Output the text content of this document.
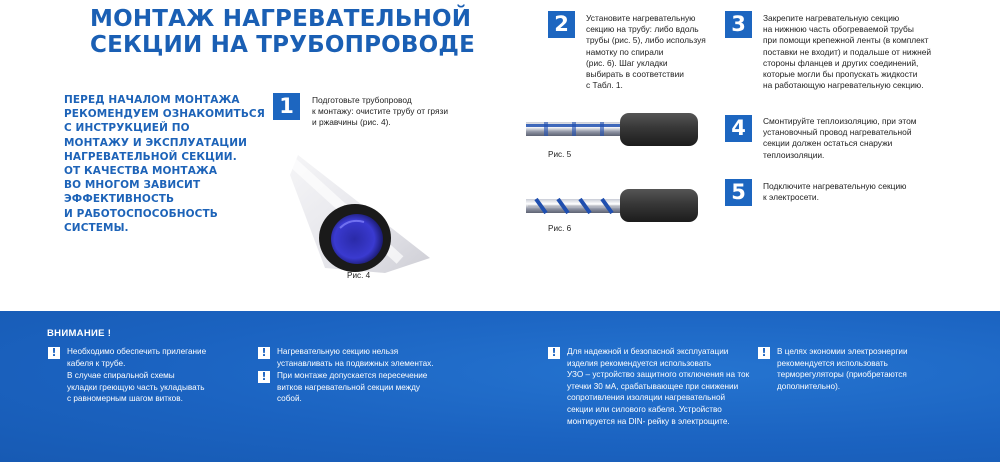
МОНТАЖ НАГРЕВАТЕЛЬНОЙ
СЕКЦИИ НА ТРУБОПРОВОДЕ
ПЕРЕД НАЧАЛОМ МОНТАЖА
РЕКОМЕНДУЕМ ОЗНАКОМИТЬСЯ
С ИНСТРУКЦИЕЙ ПО
МОНТАЖУ И ЭКСПЛУАТАЦИИ
НАГРЕВАТЕЛЬНОЙ СЕКЦИИ.
ОТ КАЧЕСТВА МОНТАЖА
ВО МНОГОМ ЗАВИСИТ
ЭФФЕКТИВНОСТЬ
И РАБОТОСПОСОБНОСТЬ
СИСТЕМЫ.
1	Подготовьте трубопровод
к монтажу: очистите трубу от грязи
и ржавчины (рис. 4).
Рис. 4
2	Установите нагревательную
секцию на трубу: либо вдоль
трубы (рис. 5), либо используя
намотку по спирали
(рис. 6). Шаг укладки
выбирать в соответствии
с Табл. 1.
Рис. 5
Рис. 6
3	Закрепите нагревательную секцию
на нижнюю часть обогреваемой трубы
при помощи крепежной ленты (в комплект
поставки не входит) и подальше от нижней
стороны фланцев и других соединений,
которые могли бы пропускать жидкости
на работающую нагревательную секцию.
4	Смонтируйте теплоизоляцию, при этом
установочный провод нагревательной
секции должен остаться снаружи
теплоизоляции.
5	Подключите нагревательную секцию
к электросети.
ВНИМАНИЕ !
!	Необходимо обеспечить прилегание
кабеля к трубе.
В случае спиральной схемы
укладки греющую часть укладывать
с равномерным шагом витков.
!	Нагревательную секцию нельзя
устанавливать на подвижных элементах.
!	При монтаже допускается пересечение
витков нагревательной секции между
собой.
!	Для надежной и безопасной эксплуатации
изделия рекомендуется использовать
УЗО – устройство защитного отключения на ток
утечки 30 мА, срабатывающее при снижении
сопротивления изоляции нагревательной
секции или силового кабеля. Устройство
монтируется на DIN- рейку в электрощите.
!	В целях экономии электроэнергии
рекомендуется использовать
терморегуляторы (приобретаются
дополнительно).
